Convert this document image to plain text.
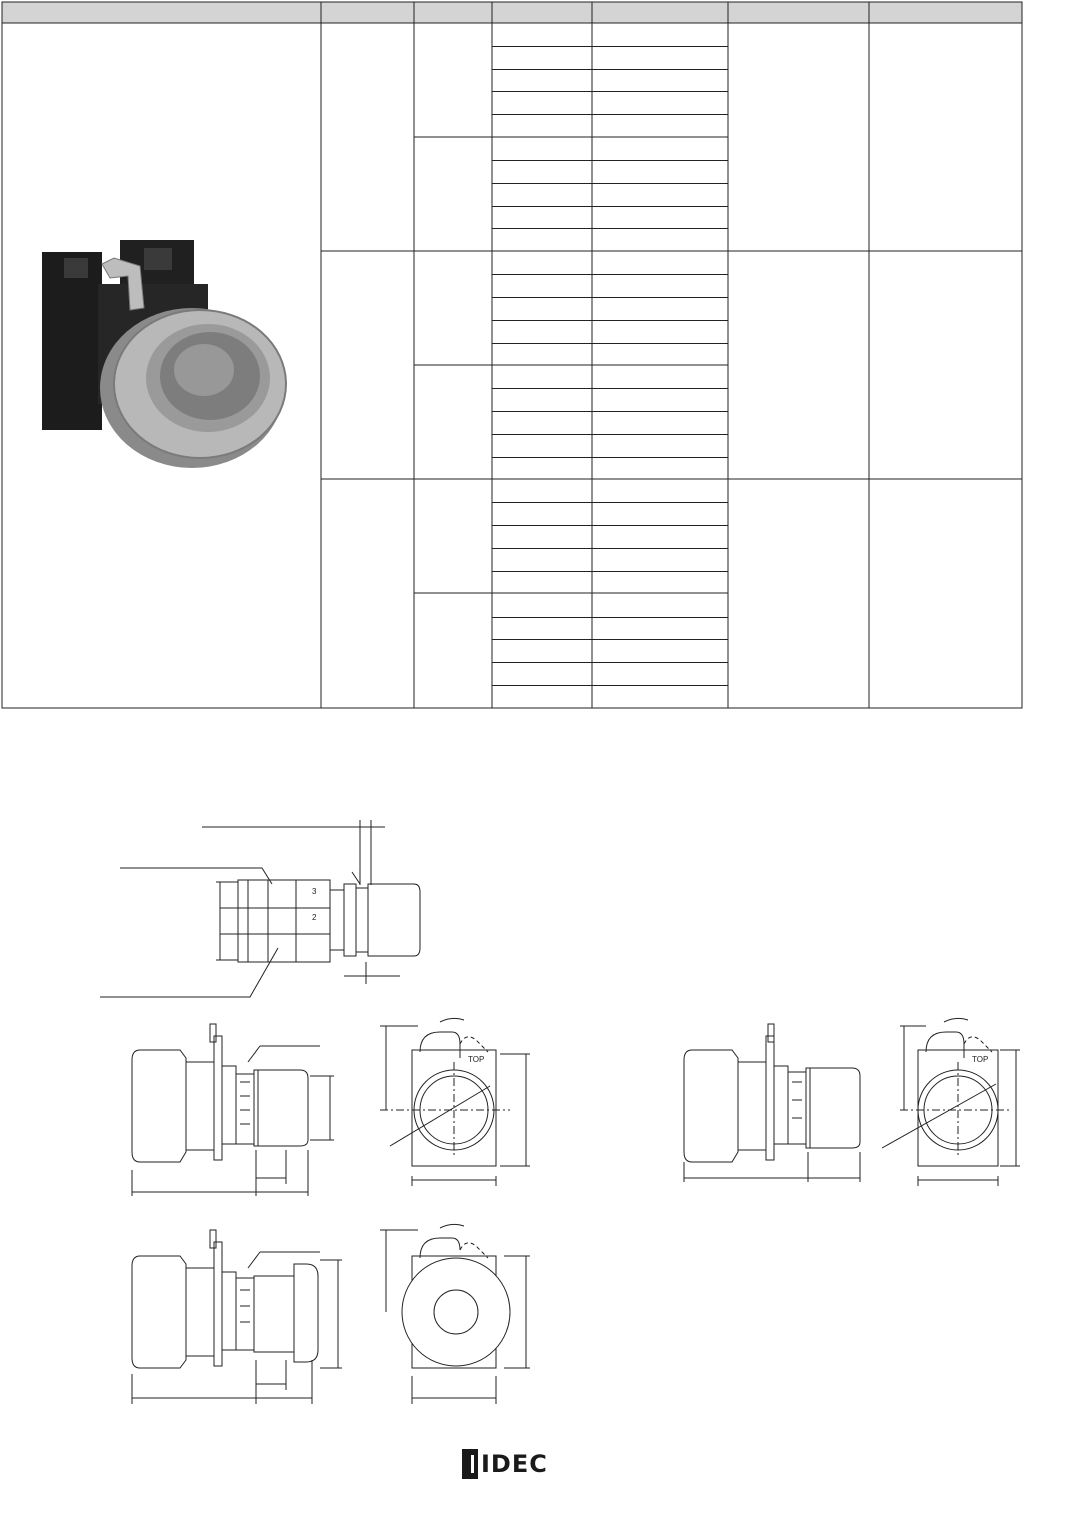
3
2
TOP	TOP
IDEC
